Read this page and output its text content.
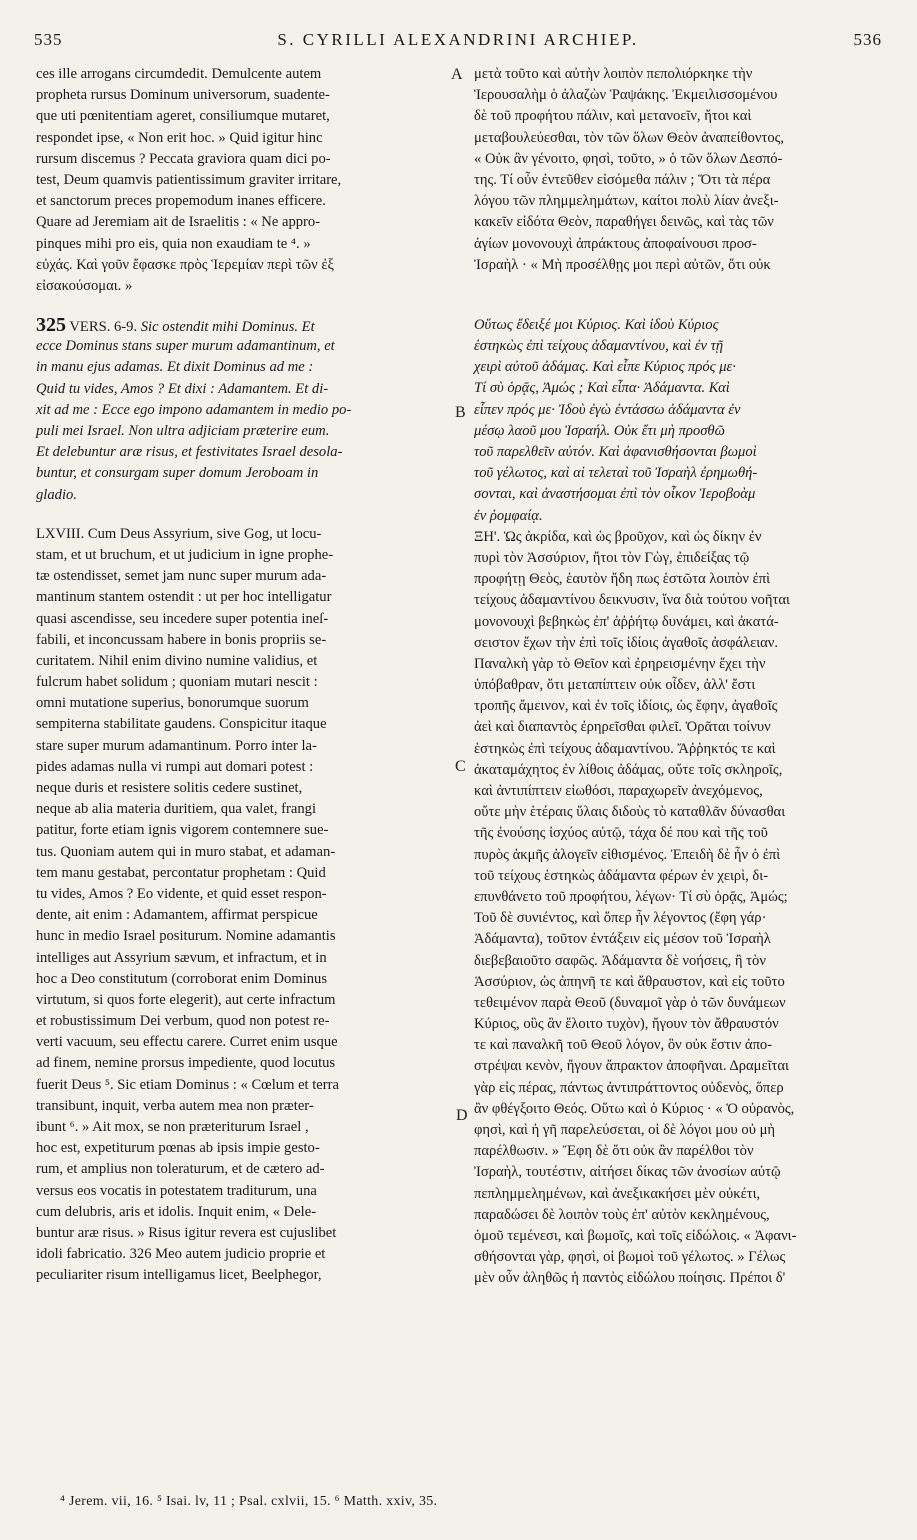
535	S. CYRILLI ALEXANDRINI ARCHIEP.	536
A
B
C
D
ces ille arrogans circumdedit. Demulcente autem
propheta rursus Dominum universorum, suadente-
que uti pœnitentiam ageret, consiliumque mutaret,
respondet ipse, « Non erit hoc. » Quid igitur hinc
rursum discemus ? Peccata graviora quam dici po-
test, Deum quamvis patientissimum graviter irritare,
et sanctorum preces propemodum inanes efficere.
Quare ad Jeremiam ait de Israelitis : « Ne appro-
pinques mihi pro eis, quia non exaudiam te ⁴. »
εὐχάς. Καὶ γοῦν ἔφασκε πρὸς Ἱερεμίαν περὶ τῶν ἐξ
εἰσακούσομαι. »
325 VERS. 6-9. Sic ostendit mihi Dominus. Et
ecce Dominus stans super murum adamantinum, et
in manu ejus adamas. Et dixit Dominus ad me :
Quid tu vides, Amos ? Et dixi : Adamantem. Et di-
xit ad me : Ecce ego impono adamantem in medio po-
puli mei Israel. Non ultra adjiciam præterire eum.
Et delebuntur aræ risus, et festivitates Israel desola-
buntur, et consurgam super domum Jeroboam in
gladio.
LXVIII. Cum Deus Assyrium, sive Gog, ut locu-
stam, et ut bruchum, et ut judicium in igne prophe-
tæ ostendisset, semet jam nunc super murum ada-
mantinum stantem ostendit : ut per hoc intelligatur
quasi ascendisse, seu incedere super potentia ineſ-
fabili, et inconcussam habere in bonis propriis se-
curitatem. Nihil enim divino numine validius, et
fulcrum habet solidum ; quoniam mutari nescit :
omni mutatione superius, bonorumque suorum
sempiterna stabilitate gaudens. Conspicitur itaque
stare super murum adamantinum. Porro inter la-
pides adamas nulla vi rumpi aut domari potest :
neque duris et resistere solitis cedere sustinet,
neque ab alia materia duritiem, qua valet, frangi
patitur, forte etiam ignis vigorem contemnere sue-
tus. Quoniam autem qui in muro stabat, et adaman-
tem manu gestabat, percontatur prophetam : Quid
tu vides, Amos ? Eo vidente, et quid esset respon-
dente, ait enim : Adamantem, affirmat perspicue
hunc in medio Israel positurum. Nomine adamantis
intelliges aut Assyrium sævum, et infractum, et in
hoc a Deo constitutum (corroborat enim Dominus
virtutum, si quos forte elegerit), aut certe infractum
et robustissimum Dei verbum, quod non potest re-
verti vacuum, seu effectu carere. Curret enim usque
ad finem, nemine prorsus impediente, quod locutus
fuerit Deus ⁵. Sic etiam Dominus : « Cœlum et terra
transibunt, inquit, verba autem mea non præter-
ibunt ⁶. » Ait mox, se non præteriturum Israel ,
hoc est, expetiturum pœnas ab ipsis impie gesto-
rum, et amplius non toleraturum, et de cætero ad-
versus eos vocatis in potestatem traditurum, una
cum delubris, aris et idolis. Inquit enim, « Dele-
buntur aræ risus. » Risus igitur revera est cujuslibet
idoli fabricatio. 326 Meo autem judicio proprie et
peculiariter risum intelligamus licet, Beelphegor,
μετὰ τοῦτο καὶ αὐτὴν λοιπὸν πεπολιόρκηκε τὴν
Ἱερουσαλὴμ ὁ ἀλαζὼν Ῥαψάκης. Ἐκμειλισσομένου
δὲ τοῦ προφήτου πάλιν, καὶ μετανοεῖν, ἤτοι καὶ
μεταβουλεύεσθαι, τὸν τῶν ὅλων Θεὸν ἀναπείθοντος,
« Οὐκ ἂν γένοιτο, φησὶ, τοῦτο, » ὁ τῶν ὅλων Δεσπό-
της. Τί οὖν ἐντεῦθεν εἰσόμεθα πάλιν ; Ὅτι τὰ πέρα
λόγου τῶν πλημμελημάτων, καίτοι πολὺ λίαν ἀνεξι-
κακεῖν εἰδότα Θεὸν, παραθήγει δεινῶς, καὶ τὰς τῶν
ἁγίων μονονουχὶ ἀπράκτους ἀποφαίνουσι προσ-
Ἰσραὴλ · « Μὴ προσέλθῃς μοι περὶ αὐτῶν, ὅτι οὐκ
Οὕτως ἔδειξέ μοι Κύριος. Καὶ ἰδοὺ Κύριος
ἑστηκὼς ἐπὶ τείχους ἀδαμαντίνου, καὶ ἐν τῇ
χειρὶ αὐτοῦ ἀδάμας. Καὶ εἶπε Κύριος πρός με·
Τί σὺ ὁρᾷς, Ἀμώς ; Καὶ εἶπα· Ἀδάμαντα. Καὶ
εἶπεν πρός με· Ἰδοὺ ἐγὼ ἐντάσσω ἀδάμαντα ἐν
μέσῳ λαοῦ μου Ἰσραήλ. Οὐκ ἔτι μὴ προσθῶ
τοῦ παρελθεῖν αὐτόν. Καὶ ἀφανισθήσονται βωμοὶ
τοῦ γέλωτος, καὶ αἱ τελεταὶ τοῦ Ἰσραὴλ ἐρημωθή-
σονται, καὶ ἀναστήσομαι ἐπὶ τὸν οἶκον Ἱεροβοὰμ
ἐν ῥομφαίᾳ.
ΞΗ'. Ὡς ἀκρίδα, καὶ ὡς βροῦχον, καὶ ὡς δίκην ἐν
πυρὶ τὸν Ἀσσύριον, ἤτοι τὸν Γὼγ, ἐπιδείξας τῷ
προφήτῃ Θεὸς, ἑαυτὸν ἤδη πως ἑστῶτα λοιπὸν ἐπὶ
τείχους ἀδαμαντίνου δεικνυσιν, ἵνα διὰ τούτου νοῆται
μονονουχὶ βεβηκὼς ἐπ' ἀῤῥήτῳ δυνάμει, καὶ ἀκατά-
σειστον ἔχων τὴν ἐπὶ τοῖς ἰδίοις ἀγαθοῖς ἀσφάλειαν.
Παναλκὴ γὰρ τὸ Θεῖον καὶ ἐρηρεισμένην ἔχει τὴν
ὑπόβαθραν, ὅτι μεταπίπτειν οὐκ οἶδεν, ἀλλ' ἔστι
τροπῆς ἄμεινον, καὶ ἐν τοῖς ἰδίοις, ὡς ἔφην, ἀγαθοῖς
ἀεὶ καὶ διαπαντὸς ἐρηρεῖσθαι φιλεῖ. Ὁρᾶται τοίνυν
ἑστηκὼς ἐπὶ τείχους ἀδαμαντίνου. Ἄῤῥηκτός τε καὶ
ἀκαταμάχητος ἐν λίθοις ἀδάμας, οὔτε τοῖς σκληροῖς,
καὶ ἀντιπίπτειν εἰωθόσι, παραχωρεῖν ἀνεχόμενος,
οὔτε μὴν ἑτέραις ὕλαις διδοὺς τὸ καταθλᾶν δύνασθαι
τῆς ἐνούσης ἰσχύος αὐτῷ, τάχα δέ που καὶ τῆς τοῦ
πυρὸς ἀκμῆς ἀλογεῖν εἰθισμένος. Ἐπειδὴ δὲ ἦν ὁ ἐπὶ
τοῦ τείχους ἑστηκὼς ἀδάμαντα φέρων ἐν χειρὶ, δι-
επυνθάνετο τοῦ προφήτου, λέγων· Τί σὺ ὁρᾷς, Ἀμώς;
Τοῦ δὲ συνιέντος, καὶ ὅπερ ἦν λέγοντος (ἔφη γάρ·
Ἀδάμαντα), τοῦτον ἐντάξειν εἰς μέσον τοῦ Ἰσραὴλ
διεβεβαιοῦτο σαφῶς. Ἀδάμαντα δὲ νοήσεις, ἢ τὸν
Ἀσσύριον, ὡς ἀπηνῆ τε καὶ ἄθραυστον, καὶ εἰς τοῦτο
τεθειμένον παρὰ Θεοῦ (δυναμοῖ γὰρ ὁ τῶν δυνάμεων
Κύριος, οὓς ἂν ἕλοιτο τυχὸν), ἤγουν τὸν ἄθραυστόν
τε καὶ παναλκῆ τοῦ Θεοῦ λόγον, ὃν οὐκ ἔστιν ἀπο-
στρέψαι κενὸν, ἤγουν ἄπρακτον ἀποφῆναι. Δραμεῖται
γὰρ εἰς πέρας, πάντως ἀντιπράττοντος οὐδενὸς, ὅπερ
ἂν φθέγξοιτο Θεός. Οὕτω καὶ ὁ Κύριος · « Ὁ οὐρανὸς,
φησὶ, καὶ ἡ γῆ παρελεύσεται, οἱ δὲ λόγοι μου οὐ μὴ
παρέλθωσιν. » Ἔφη δὲ ὅτι οὐκ ἂν παρέλθοι τὸν
Ἰσραὴλ, τουτέστιν, αἰτήσει δίκας τῶν ἀνοσίων αὐτῷ
πεπλημμελημένων, καὶ ἀνεξικακήσει μὲν οὐκέτι,
παραδώσει δὲ λοιπὸν τοὺς ἐπ' αὐτὸν κεκλημένους,
ὁμοῦ τεμένεσι, καὶ βωμοῖς, καὶ τοῖς εἰδώλοις. « Ἀφανι-
σθήσονται γὰρ, φησὶ, οἱ βωμοὶ τοῦ γέλωτος. » Γέλως
μὲν οὖν ἀληθῶς ἡ παντὸς εἰδώλου ποίησις. Πρέποι δ'
⁴ Jerem. vii, 16. ⁵ Isai. lv, 11 ; Psal. cxlvii, 15. ⁶ Matth. xxiv, 35.
